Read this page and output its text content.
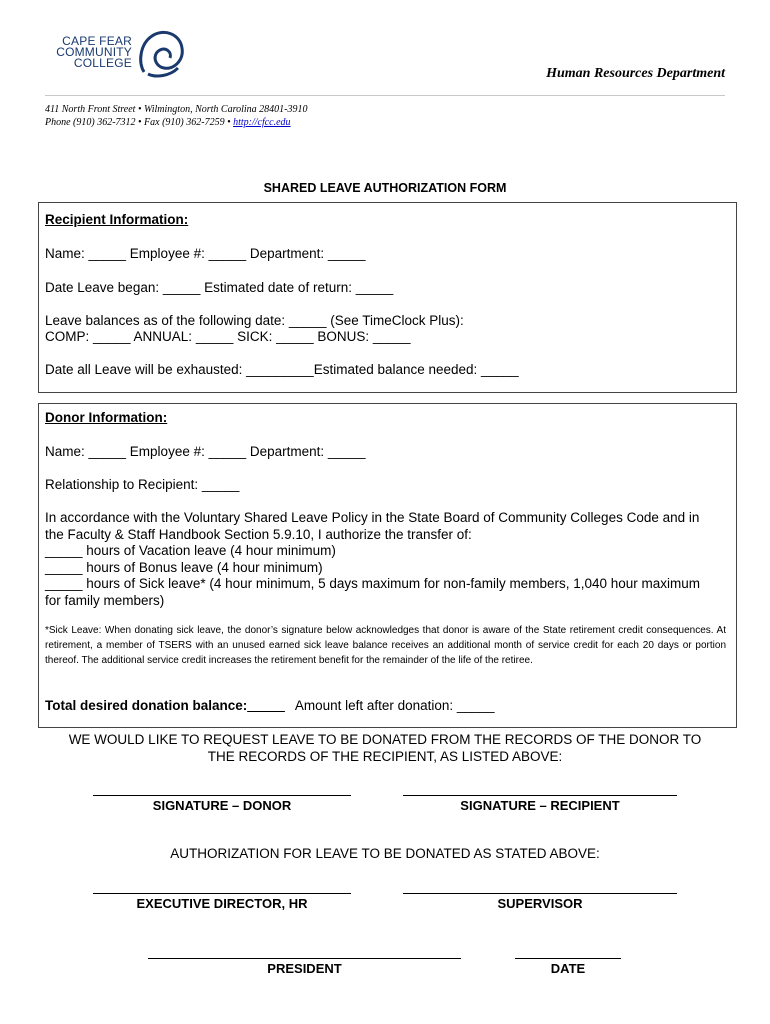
CAPE FEAR
COMMUNITY
COLLEGE
Human Resources Department
411 North Front Street • Wilmington, North Carolina 28401-3910
Phone (910) 362-7312 • Fax (910) 362-7259 • http://cfcc.edu
SHARED LEAVE AUTHORIZATION FORM
Recipient Information:
Name: _____ Employee #: _____ Department: _____
Date Leave began: _____ Estimated date of return: _____
Leave balances as of the following date: _____ (See TimeClock Plus):
COMP: _____ ANNUAL: _____ SICK: _____ BONUS: _____
Date all Leave will be exhausted: _________Estimated balance needed: _____
Donor Information:
Name: _____ Employee #: _____ Department: _____
Relationship to Recipient: _____
In accordance with the Voluntary Shared Leave Policy in the State Board of Community Colleges Code and in
the Faculty & Staff Handbook Section 5.9.10, I authorize the transfer of:
_____ hours of Vacation leave (4 hour minimum)
_____ hours of Bonus leave (4 hour minimum)
_____ hours of Sick leave* (4 hour minimum, 5 days maximum for non-family members, 1,040 hour maximum
for family members)
*Sick Leave: When donating sick leave, the donor’s signature below acknowledges that donor is aware of the State retirement credit consequences. At retirement, a member of TSERS with an unused earned sick leave balance receives an additional month of service credit for each 20 days or portion thereof. The additional service credit increases the retirement benefit for the remainder of the life of the retiree.
Total desired donation balance:_____ Amount left after donation: _____
WE WOULD LIKE TO REQUEST LEAVE TO BE DONATED FROM THE RECORDS OF THE DONOR TO
THE RECORDS OF THE RECIPIENT, AS LISTED ABOVE:
SIGNATURE – DONOR	SIGNATURE – RECIPIENT
AUTHORIZATION FOR LEAVE TO BE DONATED AS STATED ABOVE:
EXECUTIVE DIRECTOR, HR	SUPERVISOR
PRESIDENT	DATE
